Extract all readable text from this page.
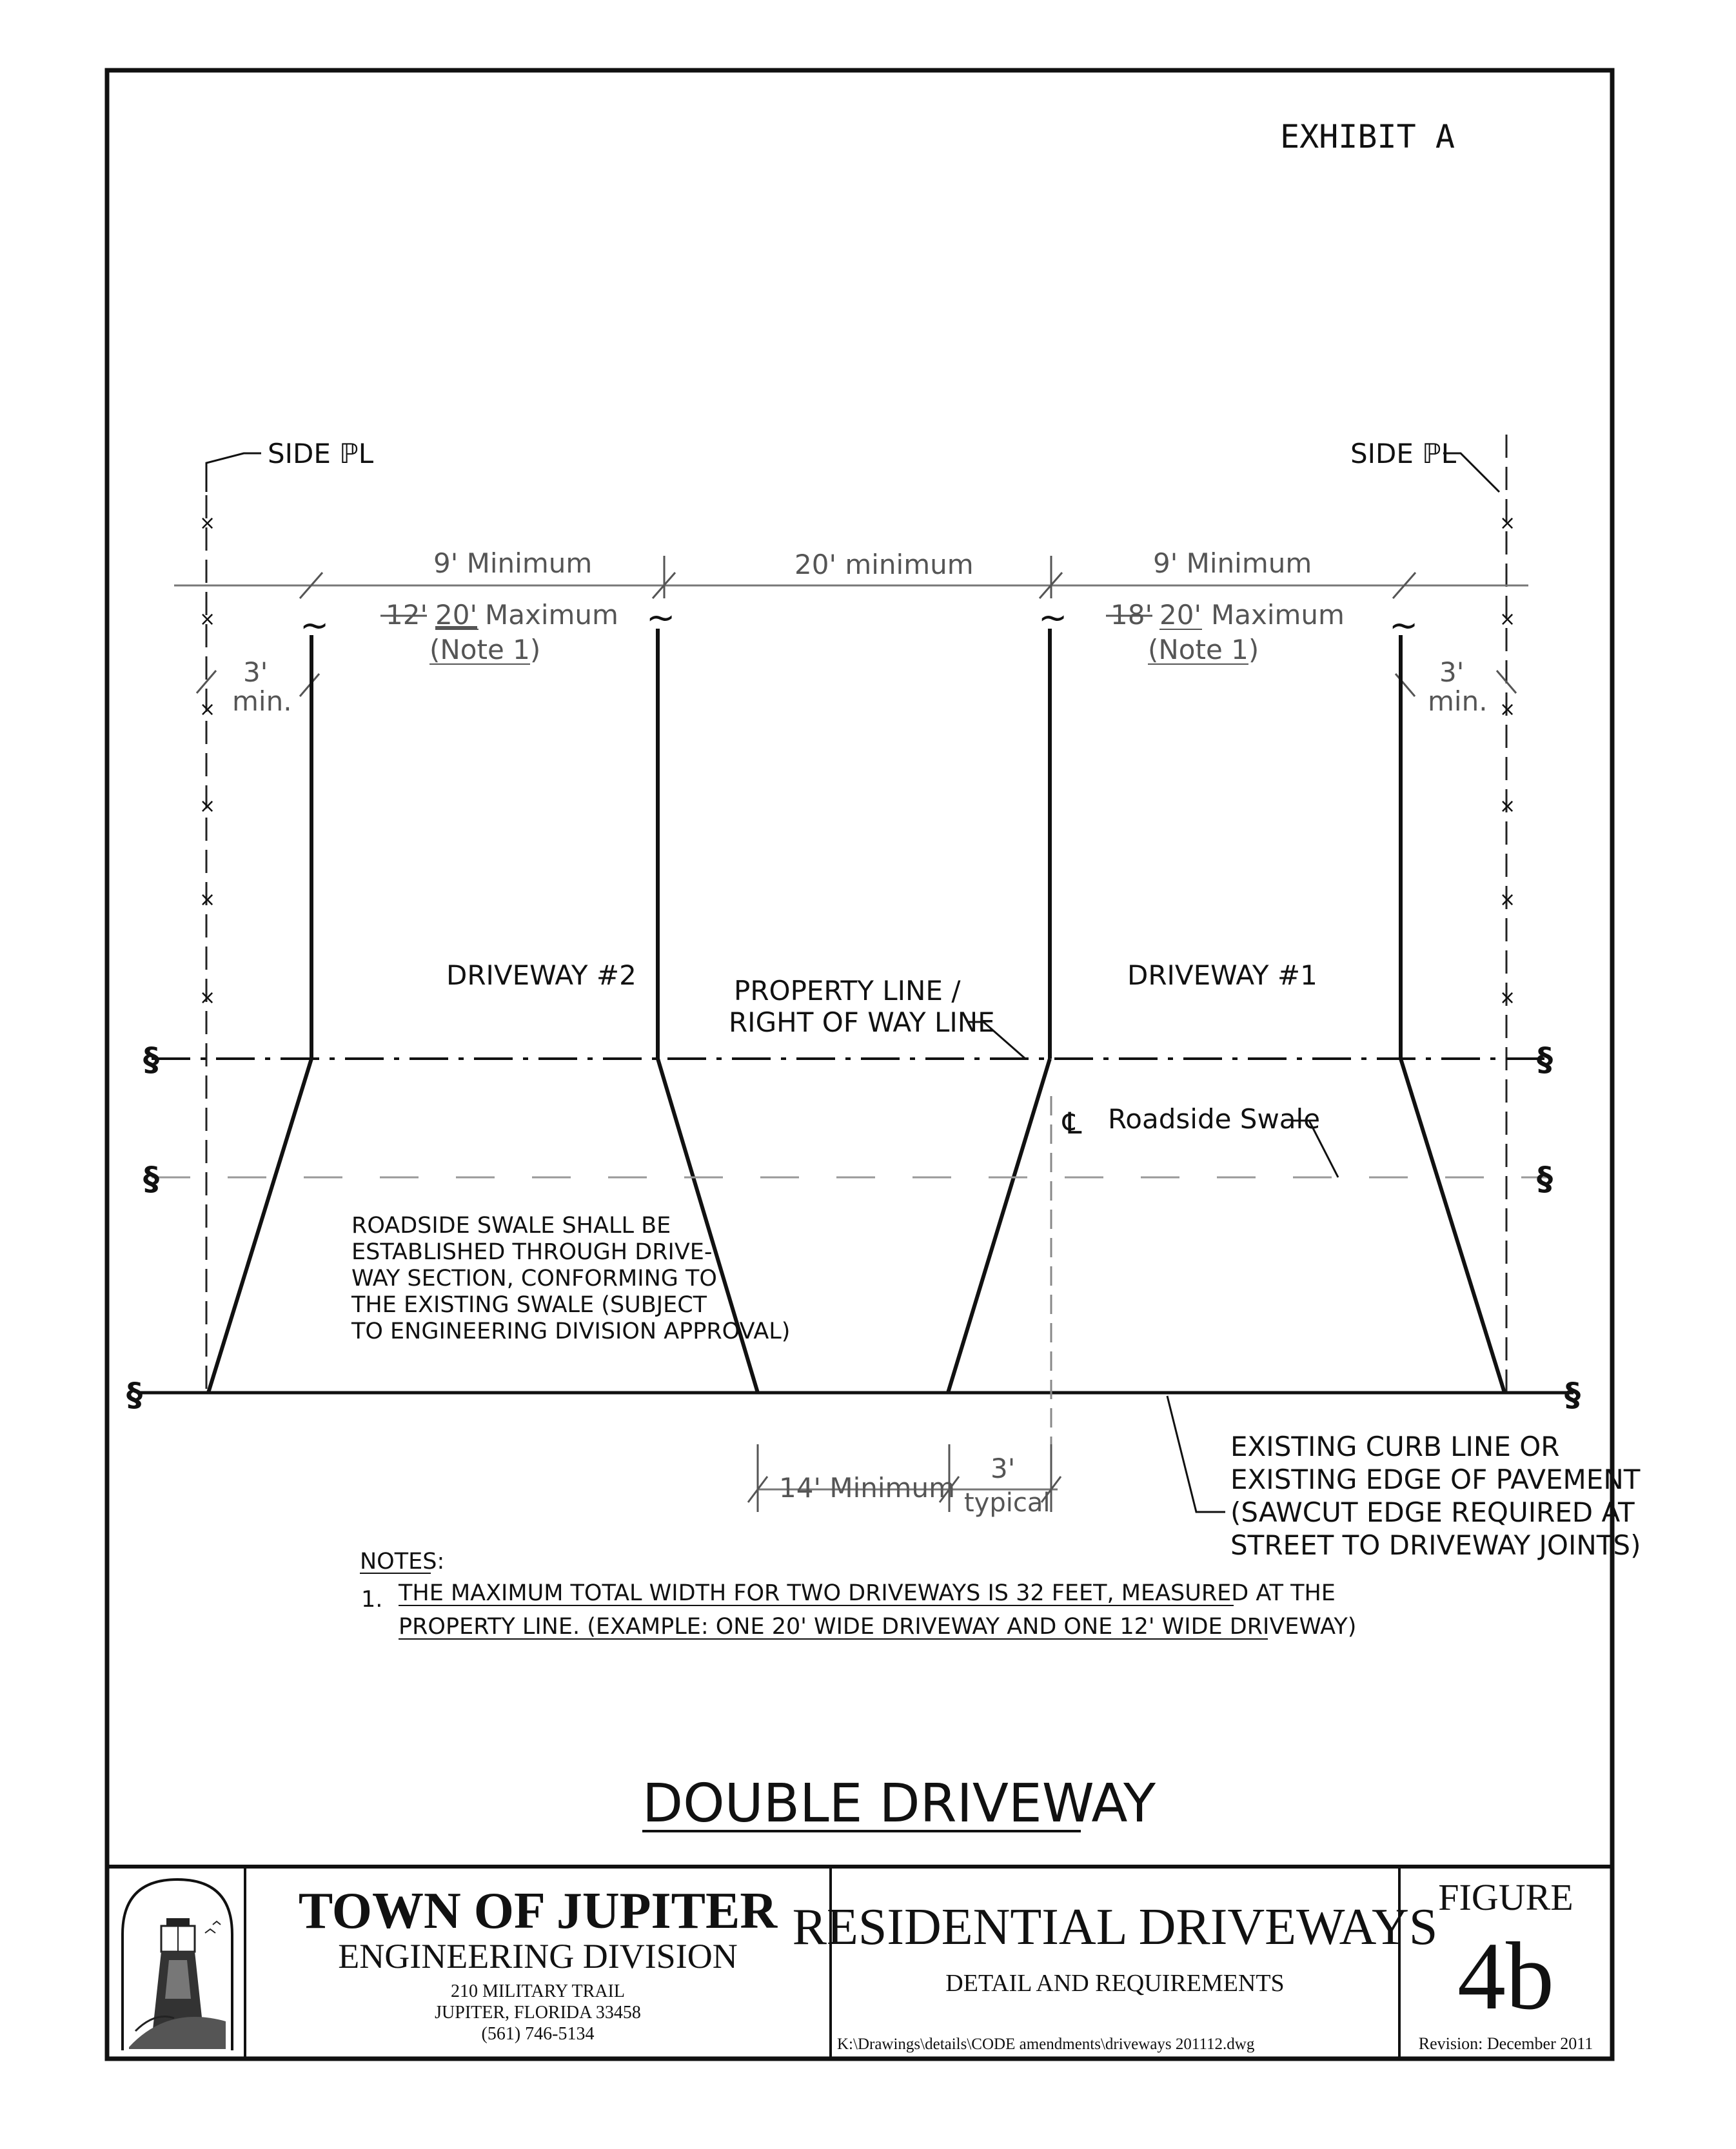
EXHIBIT A
×
×
×
×
×
×
×
×
×
×
×
×
SIDE ℙL	SIDE ℙL
9' Minimum	20' minimum	9' Minimum
12' 20' Maximum
(Note 1)
18' 20' Maximum
(Note 1)
3'
min.
3'
min.
~	~	~	~
§	§
§	§
§	§
DRIVEWAY #2	DRIVEWAY #1
PROPERTY LINE /
RIGHT OF WAY LINE
℄ Roadside Swale
ROADSIDE SWALE SHALL BE
ESTABLISHED THROUGH DRIVE-
WAY SECTION, CONFORMING TO
THE EXISTING SWALE (SUBJECT
TO ENGINEERING DIVISION APPROVAL)
EXISTING CURB LINE OR
EXISTING EDGE OF PAVEMENT
(SAWCUT EDGE REQUIRED AT
STREET TO DRIVEWAY JOINTS)
14' Minimum
3'
typical
NOTES:
1. THE MAXIMUM TOTAL WIDTH FOR TWO DRIVEWAYS IS 32 FEET, MEASURED AT THE
PROPERTY LINE. (EXAMPLE: ONE 20' WIDE DRIVEWAY AND ONE 12' WIDE DRIVEWAY)
DOUBLE DRIVEWAY
TOWN OF JUPITER
ENGINEERING DIVISION
210 MILITARY TRAIL
JUPITER, FLORIDA 33458
(561) 746-5134
RESIDENTIAL DRIVEWAYS
DETAIL AND REQUIREMENTS
K:\Drawings\details\CODE amendments\driveways 201112.dwg
FIGURE
4b
Revision: December 2011
